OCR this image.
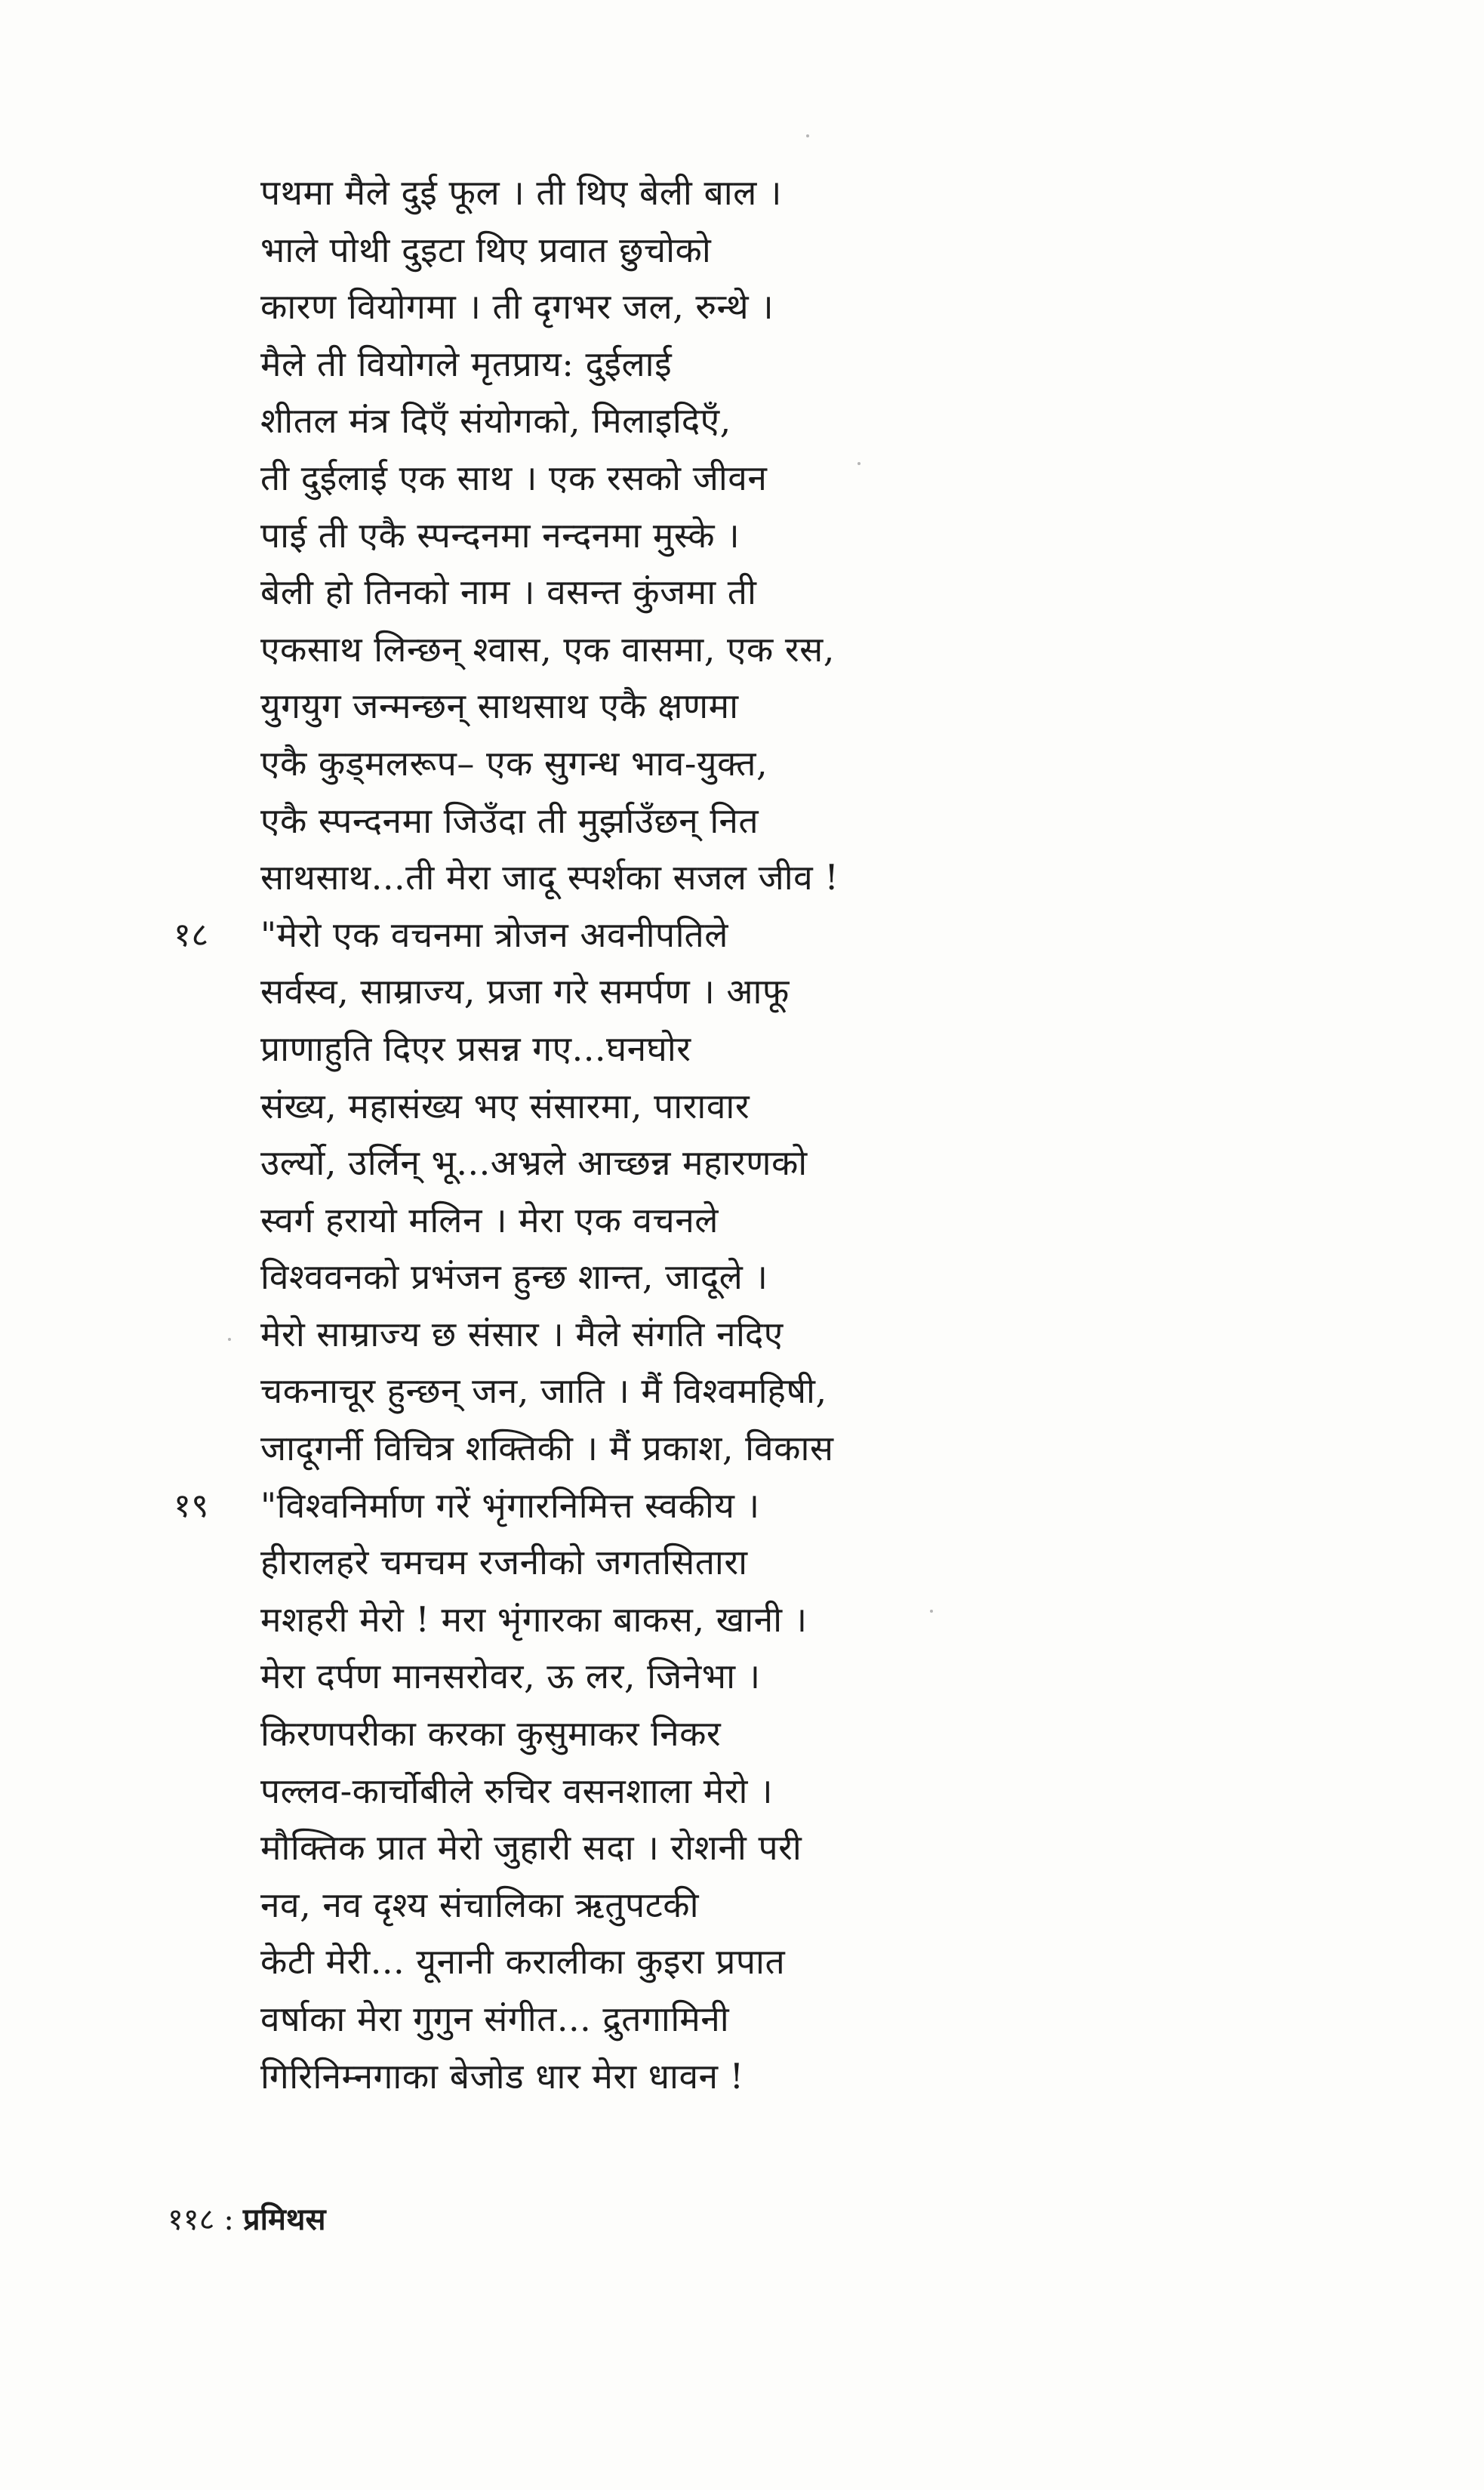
पथमा मैले दुई फूल । ती थिए बेली बाल ।
भाले पोथी दुइटा थिए प्रवात छुचोको
कारण वियोगमा । ती दृगभर जल, रुन्थे ।
मैले ती वियोगले मृतप्राय: दुईलाई
शीतल मंत्र दिएँ संयोगको, मिलाइदिएँ,
ती दुईलाई एक साथ । एक रसको जीवन
पाई ती एकै स्पन्दनमा नन्दनमा मुस्के ।
बेली हो तिनको नाम । वसन्त कुंजमा ती
एकसाथ लिन्छन् श्‍वास, एक वासमा, एक रस,
युगयुग जन्मन्छन् साथसाथ एकै क्षणमा
एकै कुड्मलरूप– एक सुगन्ध भाव-युक्त,
एकै स्पन्दनमा जिउँदा ती मुर्झाउँछन् नित
साथसाथ...ती मेरा जादू स्पर्शका सजल जीव !
१८ "मेरो एक वचनमा त्रोजन अवनीपतिले
सर्वस्व, साम्राज्य, प्रजा गरे समर्पण । आफू
प्राणाहुति दिएर प्रसन्न गए...घनघोर
संख्य, महासंख्य भए संसारमा, पारावार
उर्ल्यो, उर्लिन् भू...अभ्रले आच्छन्न महारणको
स्वर्ग हरायो मलिन । मेरा एक वचनले
विश्‍ववनको प्रभंजन हुन्छ शान्त, जादूले ।
मेरो साम्राज्य छ संसार । मैले संगति नदिए
चकनाचूर हुन्छन् जन, जाति । मैं विश्‍वमहिषी,
जादूगर्नी विचित्र शक्तिकी । मैं प्रकाश, विकास
१९ "विश्‍वनिर्माण गरें भृंगारनिमित्त स्वकीय ।
हीरालहरे चमचम रजनीको जगतसितारा
मशहरी मेरो ! मरा भृंगारका बाकस, खानी ।
मेरा दर्पण मानसरोवर, ऊ लर, जिनेभा ।
किरणपरीका करका कुसुमाकर निकर
पल्लव-कार्चोबीले रुचिर वसनशाला मेरो ।
मौक्तिक प्रात मेरो जुहारी सदा । रोशनी परी
नव, नव दृश्य संचालिका ऋतुपटकी
केटी मेरी... यूनानी करालीका कुइरा प्रपात
वर्षाका मेरा गुगुन संगीत... द्रुतगामिनी
गिरिनिम्नगाका बेजोड धार मेरा धावन !
११८ : प्रमिथस
